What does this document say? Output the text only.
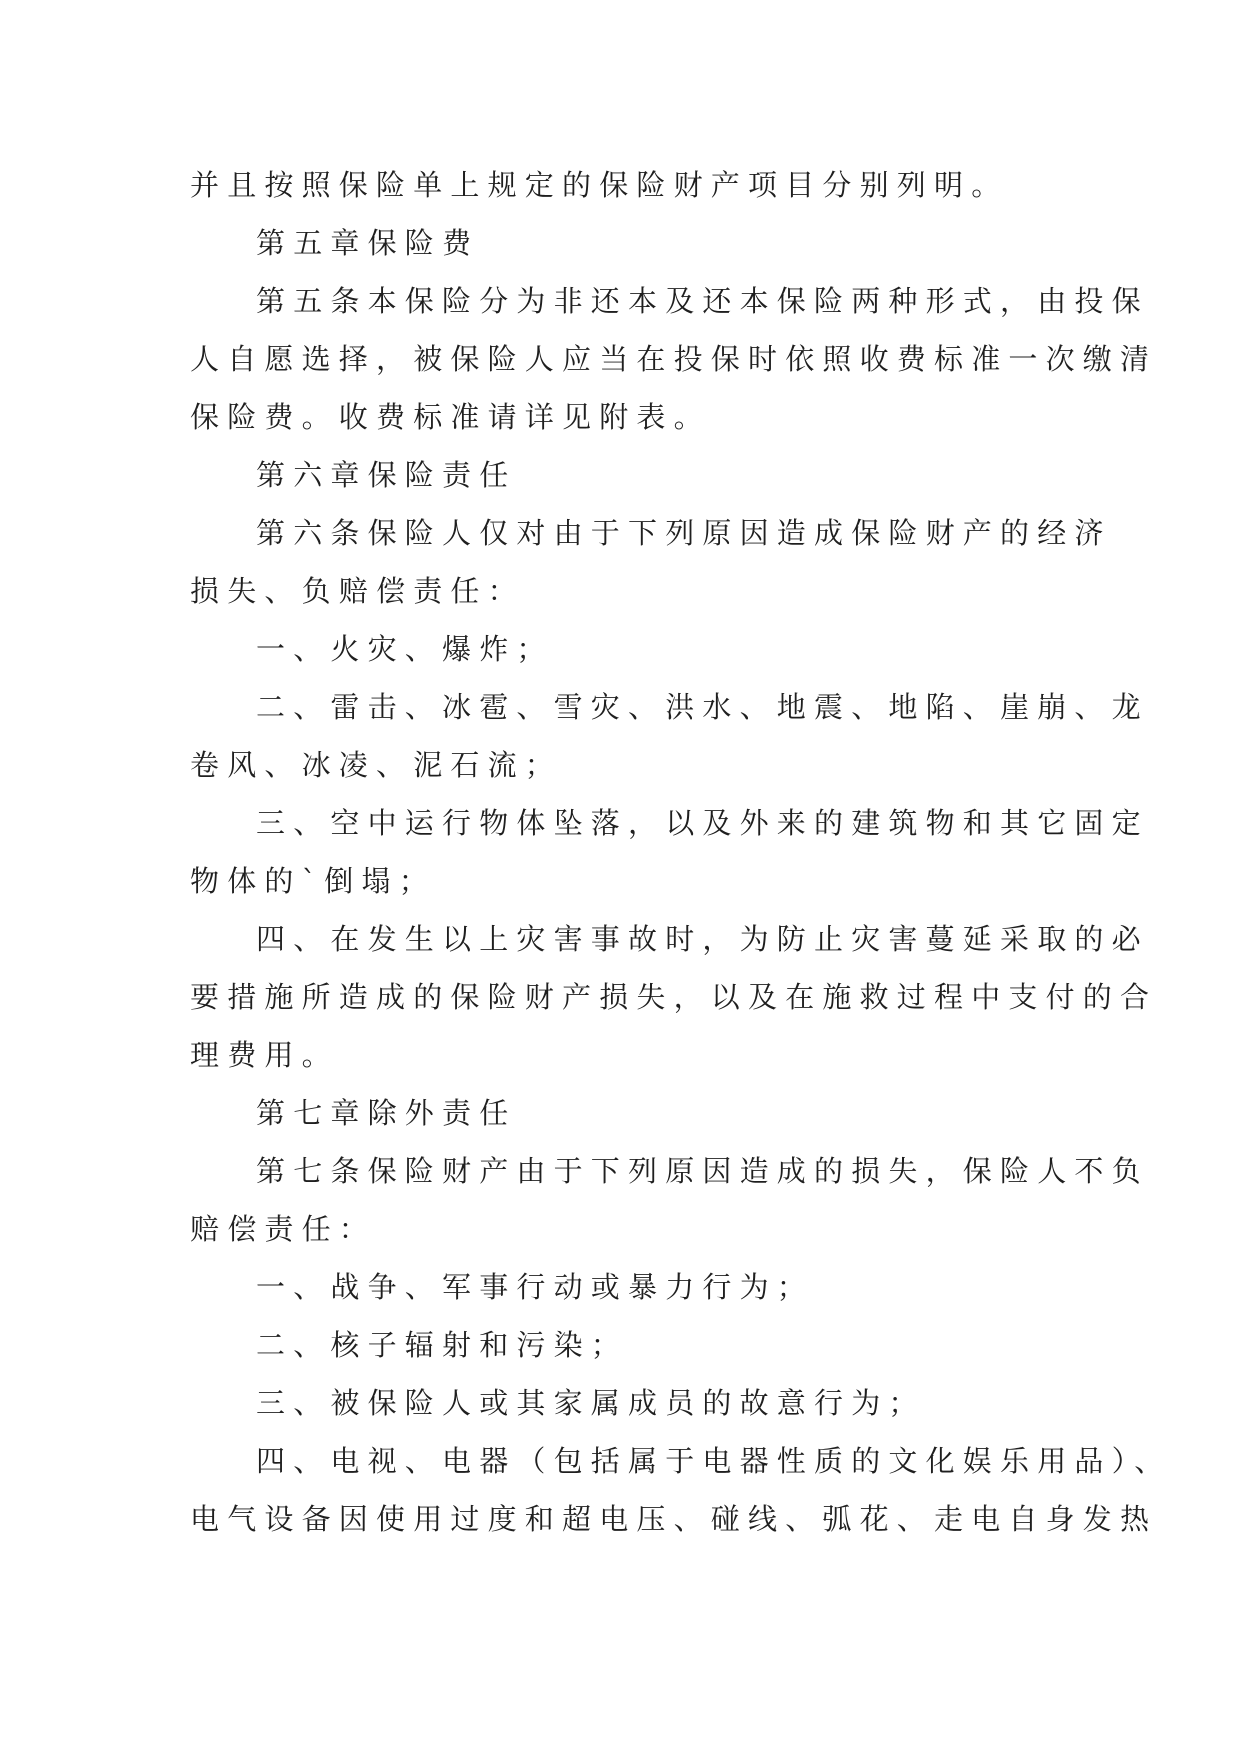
并且按照保险单上规定的保险财产项目分别列明。
第五章保险费
第五条本保险分为非还本及还本保险两种形式，由投保
人自愿选择，被保险人应当在投保时依照收费标准一次缴清
保险费。收费标准请详见附表。
第六章保险责任
第六条保险人仅对由于下列原因造成保险财产的经济
损失、负赔偿责任：
一、火灾、爆炸；
二、雷击、冰雹、雪灾、洪水、地震、地陷、崖崩、龙
卷风、冰凌、泥石流；
三、空中运行物体坠落，以及外来的建筑物和其它固定
物体的`倒塌；
四、在发生以上灾害事故时，为防止灾害蔓延采取的必
要措施所造成的保险财产损失，以及在施救过程中支付的合
理费用。
第七章除外责任
第七条保险财产由于下列原因造成的损失，保险人不负
赔偿责任：
一、战争、军事行动或暴力行为；
二、核子辐射和污染；
三、被保险人或其家属成员的故意行为；
四、电视、电器（包括属于电器性质的文化娱乐用品）、
电气设备因使用过度和超电压、碰线、弧花、走电自身发热
